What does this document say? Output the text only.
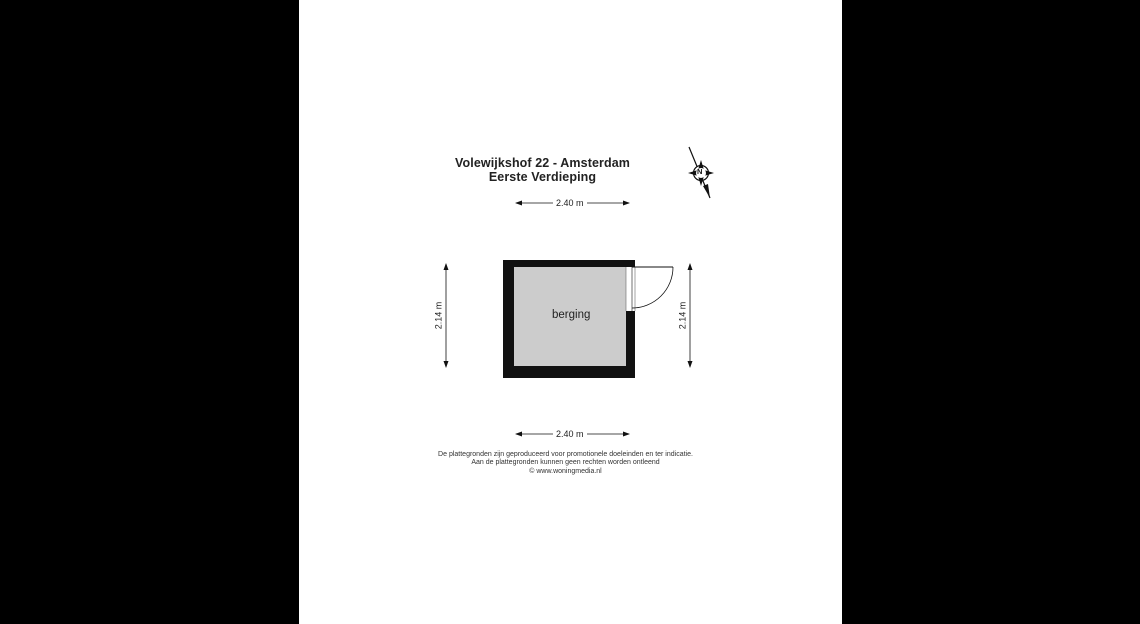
Volewijkshof 22 - Amsterdam
Eerste Verdieping
2.40 m
2.40 m
2.14 m	2.14 m
N
berging
De plattegronden zijn geproduceerd voor promotionele doeleinden en ter indicatie.
Aan de plattegronden kunnen geen rechten worden ontleend
© www.woningmedia.nl
